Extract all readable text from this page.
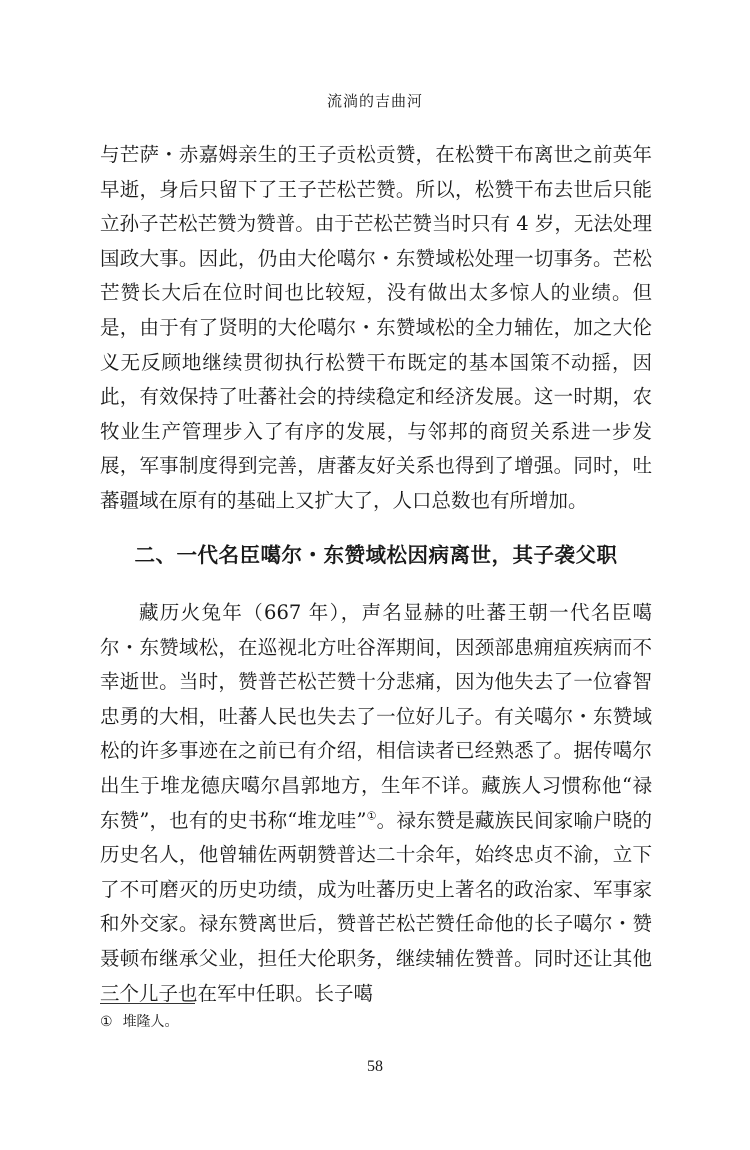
流淌的吉曲河

与芒萨・赤嘉姆亲生的王子贡松贡赞，在松赞干布离世之前英年早逝，身后只留下了王子芒松芒赞。所以，松赞干布去世后只能立孙子芒松芒赞为赞普。由于芒松芒赞当时只有 4 岁，无法处理国政大事。因此，仍由大伦噶尔・东赞域松处理一切事务。芒松芒赞长大后在位时间也比较短，没有做出太多惊人的业绩。但是，由于有了贤明的大伦噶尔・东赞域松的全力辅佐，加之大伦义无反顾地继续贯彻执行松赞干布既定的基本国策不动摇，因此，有效保持了吐蕃社会的持续稳定和经济发展。这一时期，农牧业生产管理步入了有序的发展，与邻邦的商贸关系进一步发展，军事制度得到完善，唐蕃友好关系也得到了增强。同时，吐蕃疆域在原有的基础上又扩大了，人口总数也有所增加。

二、一代名臣噶尔・东赞域松因病离世，其子袭父职

藏历火兔年（667 年），声名显赫的吐蕃王朝一代名臣噶尔・东赞域松，在巡视北方吐谷浑期间，因颈部患痈疽疾病而不幸逝世。当时，赞普芒松芒赞十分悲痛，因为他失去了一位睿智忠勇的大相，吐蕃人民也失去了一位好儿子。有关噶尔・东赞域松的许多事迹在之前已有介绍，相信读者已经熟悉了。据传噶尔出生于堆龙德庆噶尔昌郭地方，生年不详。藏族人习惯称他“禄东赞”，也有的史书称“堆龙哇”①。禄东赞是藏族民间家喻户晓的历史名人，他曾辅佐两朝赞普达二十余年，始终忠贞不渝，立下了不可磨灭的历史功绩，成为吐蕃历史上著名的政治家、军事家和外交家。禄东赞离世后，赞普芒松芒赞任命他的长子噶尔・赞聂顿布继承父业，担任大伦职务，继续辅佐赞普。同时还让其他三个儿子也在军中任职。长子噶

① 堆隆人。
58
